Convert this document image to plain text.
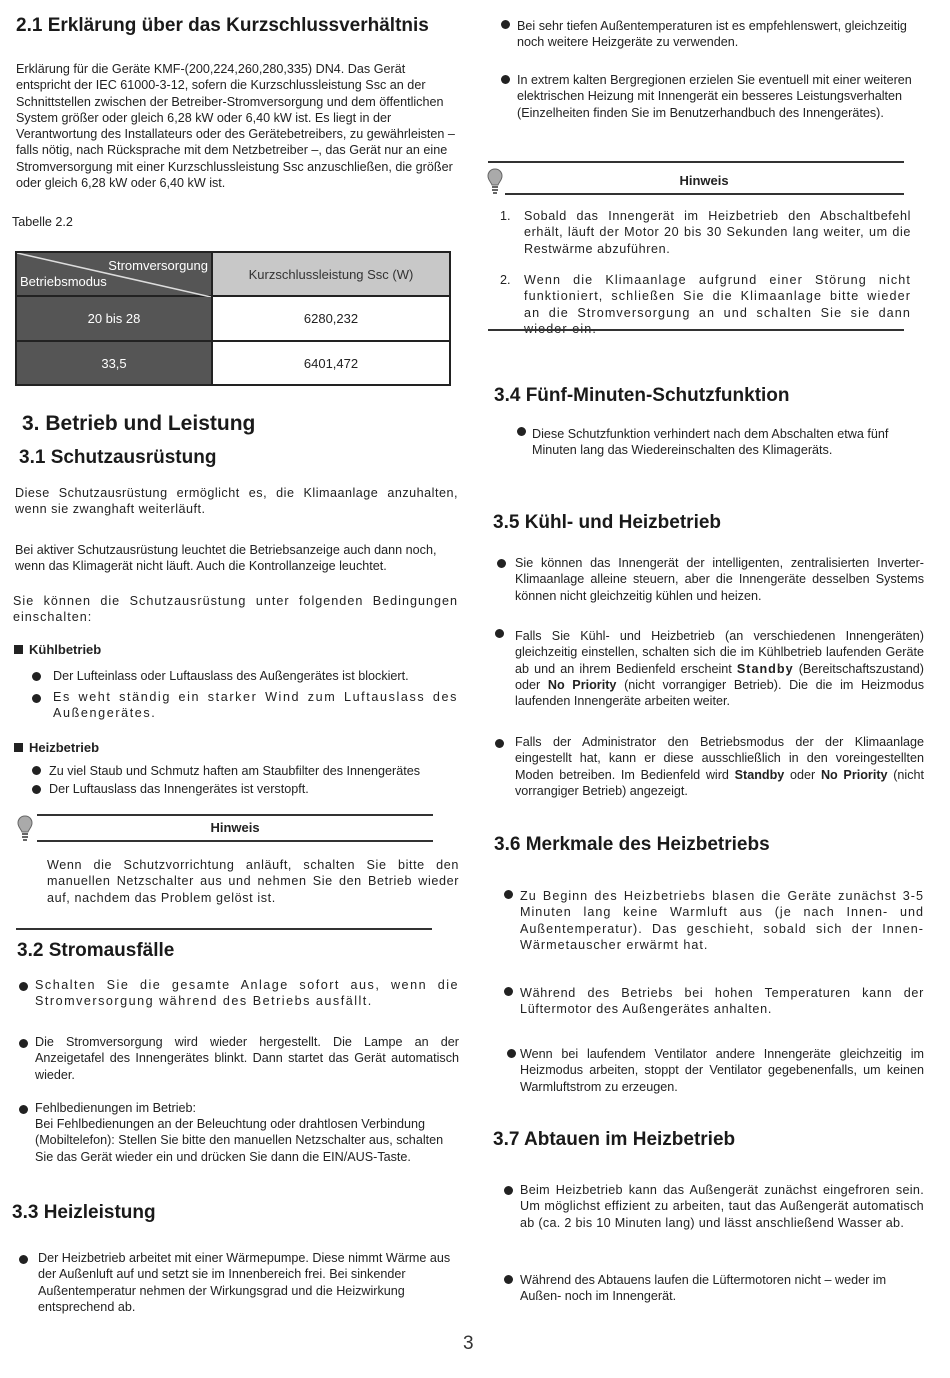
2.1 Erklärung über das Kurzschlussverhältnis
Erklärung für die Geräte KMF-(200,224,260,280,335) DN4. Das Gerät entspricht der IEC 61000-3-12, sofern die Kurzschlussleistung Ssc an der Schnittstellen zwischen der Betreiber-Stromversorgung und dem öffentlichen System größer oder gleich 6,28 kW oder 6,40 kW ist. Es liegt in der Verantwortung des Installateurs oder des Gerätebetreibers, zu gewährleisten – falls nötig, nach Rücksprache mit dem Netzbetreiber –, das Gerät nur an eine Stromversorgung mit einer Kurzschlussleistung Ssc anzuschließen, die größer oder gleich 6,28 kW oder 6,40 kW ist.
Tabelle 2.2
Stromversorgung
Betriebsmodus	Kurzschlussleistung Ssc (W)
20 bis 28	6280,232
33,5	6401,472
3. Betrieb und Leistung
3.1 Schutzausrüstung
Diese Schutzausrüstung ermöglicht es, die Klimaanlage anzuhalten, wenn sie zwanghaft weiterläuft.
Bei aktiver Schutzausrüstung leuchtet die Betriebsanzeige auch dann noch, wenn das Klimagerät nicht läuft. Auch die Kontrollanzeige leuchtet.
Sie können die Schutzausrüstung unter folgenden Bedingungen einschalten:
Kühlbetrieb
Der Lufteinlass oder Luftauslass des Außengerätes ist blockiert.
Es weht ständig ein starker Wind zum Luftauslass des Außengerätes.
Heizbetrieb
Zu viel Staub und Schmutz haften am Staubfilter des Innengerätes
Der Luftauslass das Innengerätes ist verstopft.
Hinweis
Wenn die Schutzvorrichtung anläuft, schalten Sie bitte den manuellen Netzschalter aus und nehmen Sie den Betrieb wieder auf, nachdem das Problem gelöst ist.
3.2 Stromausfälle
Schalten Sie die gesamte Anlage sofort aus, wenn die Stromversorgung während des Betriebs ausfällt.
Die Stromversorgung wird wieder hergestellt. Die Lampe an der Anzeigetafel des Innengerätes blinkt. Dann startet das Gerät automatisch wieder.
Fehlbedienungen im Betrieb:
Bei Fehlbedienungen an der Beleuchtung oder drahtlosen Verbindung (Mobiltelefon): Stellen Sie bitte den manuellen Netzschalter aus, schalten Sie das Gerät wieder ein und drücken Sie dann die EIN/AUS-Taste.
3.3 Heizleistung
Der Heizbetrieb arbeitet mit einer Wärmepumpe. Diese nimmt Wärme aus der Außenluft auf und setzt sie im Innenbereich frei. Bei sinkender Außentemperatur nehmen der Wirkungsgrad und die Heizwirkung entsprechend ab.
Bei sehr tiefen Außentemperaturen ist es empfehlenswert, gleichzeitig noch weitere Heizgeräte zu verwenden.
In extrem kalten Bergregionen erzielen Sie eventuell mit einer weiteren elektrischen Heizung mit Innengerät ein besseres Leistungsverhalten (Einzelheiten finden Sie im Benutzerhandbuch des Innengerätes).
Hinweis
1. Sobald das Innengerät im Heizbetrieb den Abschaltbefehl erhält, läuft der Motor 20 bis 30 Sekunden lang weiter, um die Restwärme abzuführen.
2. Wenn die Klimaanlage aufgrund einer Störung nicht funktioniert, schließen Sie die Klimaanlage bitte wieder an die Stromversorgung an und schalten Sie sie dann
3.4 Fünf-Minuten-Schutzfunktion
Diese Schutzfunktion verhindert nach dem Abschalten etwa fünf Minuten lang das Wiedereinschalten des Klimageräts.
3.5 Kühl- und Heizbetrieb
Sie können das Innengerät der intelligenten, zentralisierten Inverter-Klimaanlage alleine steuern, aber die Innengeräte desselben Systems können nicht gleichzeitig kühlen und heizen.
Falls Sie Kühl- und Heizbetrieb (an verschiedenen Innengeräten) gleichzeitig einstellen, schalten sich die im Kühlbetrieb laufenden Geräte ab und an ihrem Bedienfeld erscheint Standby (Bereitschaftszustand) oder No Priority (nicht vorrangiger Betrieb). Die die im Heizmodus laufenden Innengeräte arbeiten weiter.
Falls der Administrator den Betriebsmodus der der Klimaanlage eingestellt hat, kann er diese ausschließlich in den voreingestellten Moden betreiben. Im Bedienfeld wird Standby oder No Priority (nicht vorrangiger Betrieb) angezeigt.
3.6 Merkmale des Heizbetriebs
Zu Beginn des Heizbetriebs blasen die Geräte zunächst 3-5 Minuten lang keine Warmluft aus (je nach Innen- und Außentemperatur). Das geschieht, sobald sich der Innen-Wärmetauscher erwärmt hat.
Während des Betriebs bei hohen Temperaturen kann der Lüftermotor des Außengerätes anhalten.
Wenn bei laufendem Ventilator andere Innengeräte gleichzeitig im Heizmodus arbeiten, stoppt der Ventilator gegebenenfalls, um keinen Warmluftstrom zu erzeugen.
3.7 Abtauen im Heizbetrieb
Beim Heizbetrieb kann das Außengerät zunächst eingefroren sein. Um möglichst effizient zu arbeiten, taut das Außengerät automatisch ab (ca. 2 bis 10 Minuten lang) und lässt anschließend Wasser ab.
Während des Abtauens laufen die Lüftermotoren nicht – weder im Außen- noch im Innengerät.
3
